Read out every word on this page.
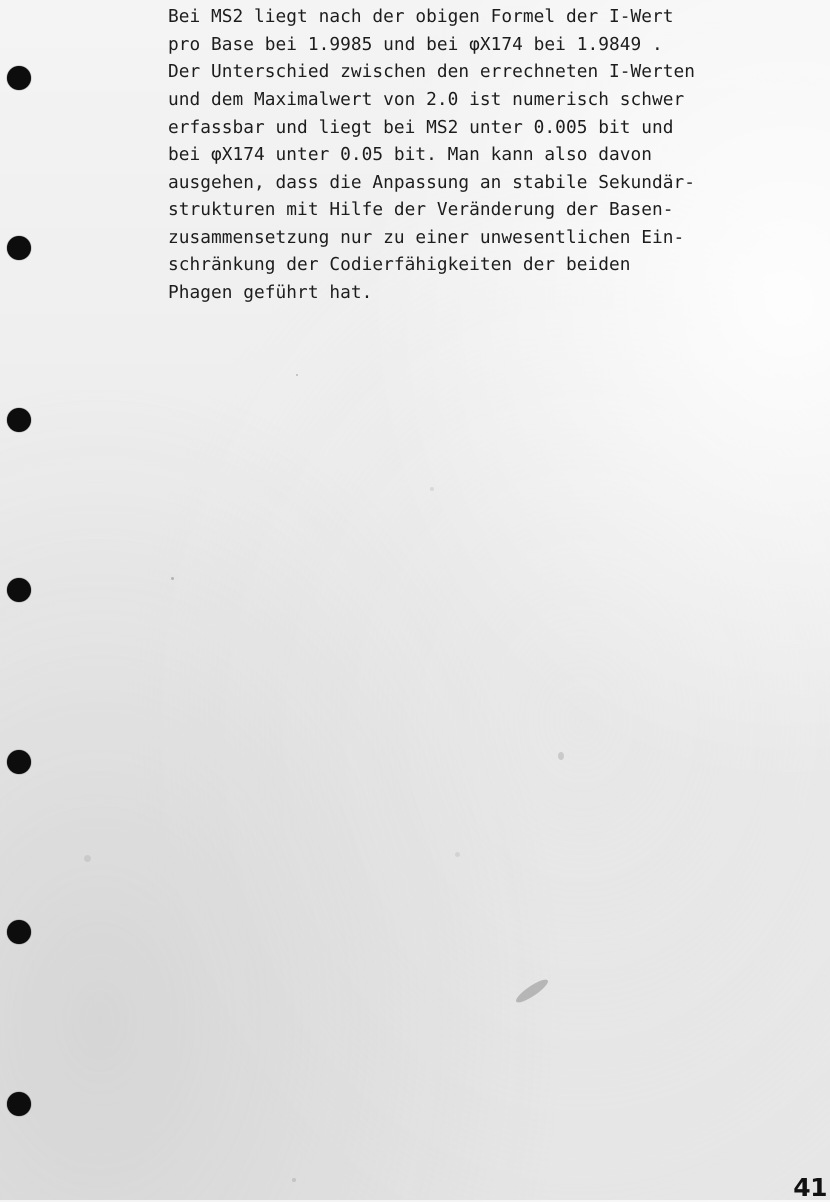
Bei MS2 liegt nach der obigen Formel der I-Wert
pro Base bei 1.9985 und bei φX174 bei 1.9849 .
Der Unterschied zwischen den errechneten I-Werten
und dem Maximalwert von 2.0 ist numerisch schwer
erfassbar und liegt bei MS2 unter 0.005 bit und
bei φX174 unter 0.05 bit. Man kann also davon
ausgehen, dass die Anpassung an stabile Sekundär-
strukturen mit Hilfe der Veränderung der Basen-
zusammensetzung nur zu einer unwesentlichen Ein-
schränkung der Codierfähigkeiten der beiden
Phagen geführt hat.
41
